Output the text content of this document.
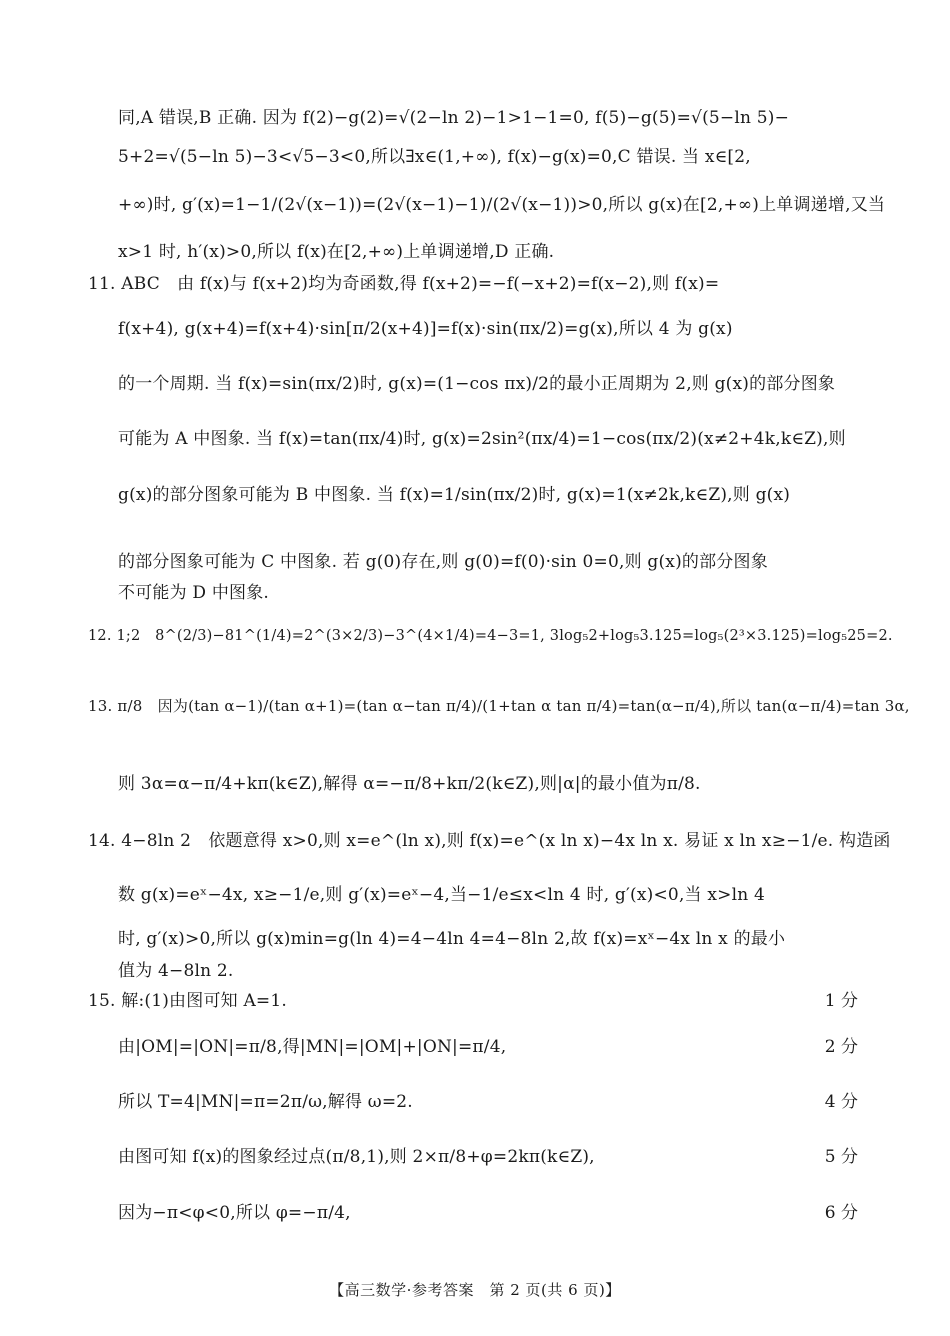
同,A 错误,B 正确. 因为 f(2)−g(2)=√(2−ln 2)−1>1−1=0, f(5)−g(5)=√(5−ln 5)−
5+2=√(5−ln 5)−3<√5−3<0,所以∃x∈(1,+∞), f(x)−g(x)=0,C 错误. 当 x∈[2,
+∞)时, g′(x)=1−1/(2√(x−1))=(2√(x−1)−1)/(2√(x−1))>0,所以 g(x)在[2,+∞)上单调递增,又当
x>1 时, h′(x)>0,所以 f(x)在[2,+∞)上单调递增,D 正确.
11. ABC　由 f(x)与 f(x+2)均为奇函数,得 f(x+2)=−f(−x+2)=f(x−2),则 f(x)=
f(x+4), g(x+4)=f(x+4)·sin[π/2(x+4)]=f(x)·sin(πx/2)=g(x),所以 4 为 g(x)
的一个周期. 当 f(x)=sin(πx/2)时, g(x)=(1−cos πx)/2的最小正周期为 2,则 g(x)的部分图象
可能为 A 中图象. 当 f(x)=tan(πx/4)时, g(x)=2sin²(πx/4)=1−cos(πx/2)(x≠2+4k,k∈Z),则
g(x)的部分图象可能为 B 中图象. 当 f(x)=1/sin(πx/2)时, g(x)=1(x≠2k,k∈Z),则 g(x)
的部分图象可能为 C 中图象. 若 g(0)存在,则 g(0)=f(0)·sin 0=0,则 g(x)的部分图象
不可能为 D 中图象.
12. 1;2　8^(2/3)−81^(1/4)=2^(3×2/3)−3^(4×1/4)=4−3=1, 3log₅2+log₅3.125=log₅(2³×3.125)=log₅25=2.
13. π/8　因为(tan α−1)/(tan α+1)=(tan α−tan π/4)/(1+tan α tan π/4)=tan(α−π/4),所以 tan(α−π/4)=tan 3α,
则 3α=α−π/4+kπ(k∈Z),解得 α=−π/8+kπ/2(k∈Z),则|α|的最小值为π/8.
14. 4−8ln 2　依题意得 x>0,则 x=e^(ln x),则 f(x)=e^(x ln x)−4x ln x. 易证 x ln x≥−1/e. 构造函
数 g(x)=eˣ−4x, x≥−1/e,则 g′(x)=eˣ−4,当−1/e≤x<ln 4 时, g′(x)<0,当 x>ln 4
时, g′(x)>0,所以 g(x)min=g(ln 4)=4−4ln 4=4−8ln 2,故 f(x)=xˣ−4x ln x 的最小
值为 4−8ln 2.
15. 解:(1)由图可知 A=1.	1 分
由|OM|=|ON|=π/8,得|MN|=|OM|+|ON|=π/4,	2 分
所以 T=4|MN|=π=2π/ω,解得 ω=2.	4 分
由图可知 f(x)的图象经过点(π/8,1),则 2×π/8+φ=2kπ(k∈Z),	5 分
因为−π<φ<0,所以 φ=−π/4,	6 分
【高三数学·参考答案　第 2 页(共 6 页)】
